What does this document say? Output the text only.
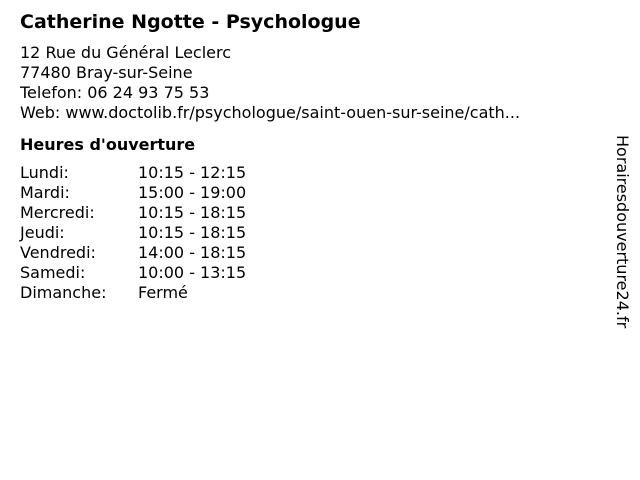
Catherine Ngotte - Psychologue
12 Rue du Général Leclerc
77480 Bray-sur-Seine
Telefon: 06 24 93 75 53
Web: www.doctolib.fr/psychologue/saint-ouen-sur-seine/cath...
Heures d'ouverture
Lundi:	10:15 - 12:15
Mardi:	15:00 - 19:00
Mercredi:	10:15 - 18:15
Jeudi:	10:15 - 18:15
Vendredi:	14:00 - 18:15
Samedi:	10:00 - 13:15
Dimanche:	Fermé	Horairesdouverture24.fr
